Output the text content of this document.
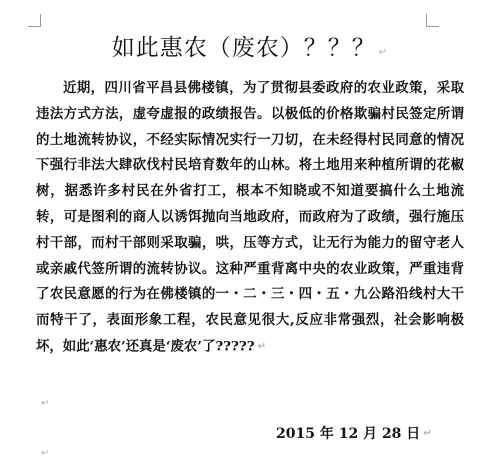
如此惠农（废农）？？？ ↵
近期，四川省平昌县佛楼镇，为了贯彻县委政府的农业政策，采取违法方式方法，虚夸虚报的政绩报告。以极低的价格欺骗村民签定所谓的土地流转协议，不经实际情况实行一刀切，在未经得村民同意的情况下强行非法大肆砍伐村民培育数年的山林。将土地用来种植所谓的花椒树，据悉许多村民在外省打工，根本不知晓或不知道要搞什么土地流转，可是图利的商人以诱饵抛向当地政府，而政府为了政绩，强行施压村干部，而村干部则采取骗，哄，压等方式，让无行为能力的留守老人或亲戚代签所谓的流转协议。这种严重背离中央的农业政策，严重违背了农民意愿的行为在佛楼镇的一・二・三・四・五・九公路沿线村大干而特干了，表面形象工程，农民意见很大,反应非常强烈，社会影响极坏，如此‘惠农’还真是‘废农’了????? ↵
↵
2015 年 12 月 28 日 ↵
↵
